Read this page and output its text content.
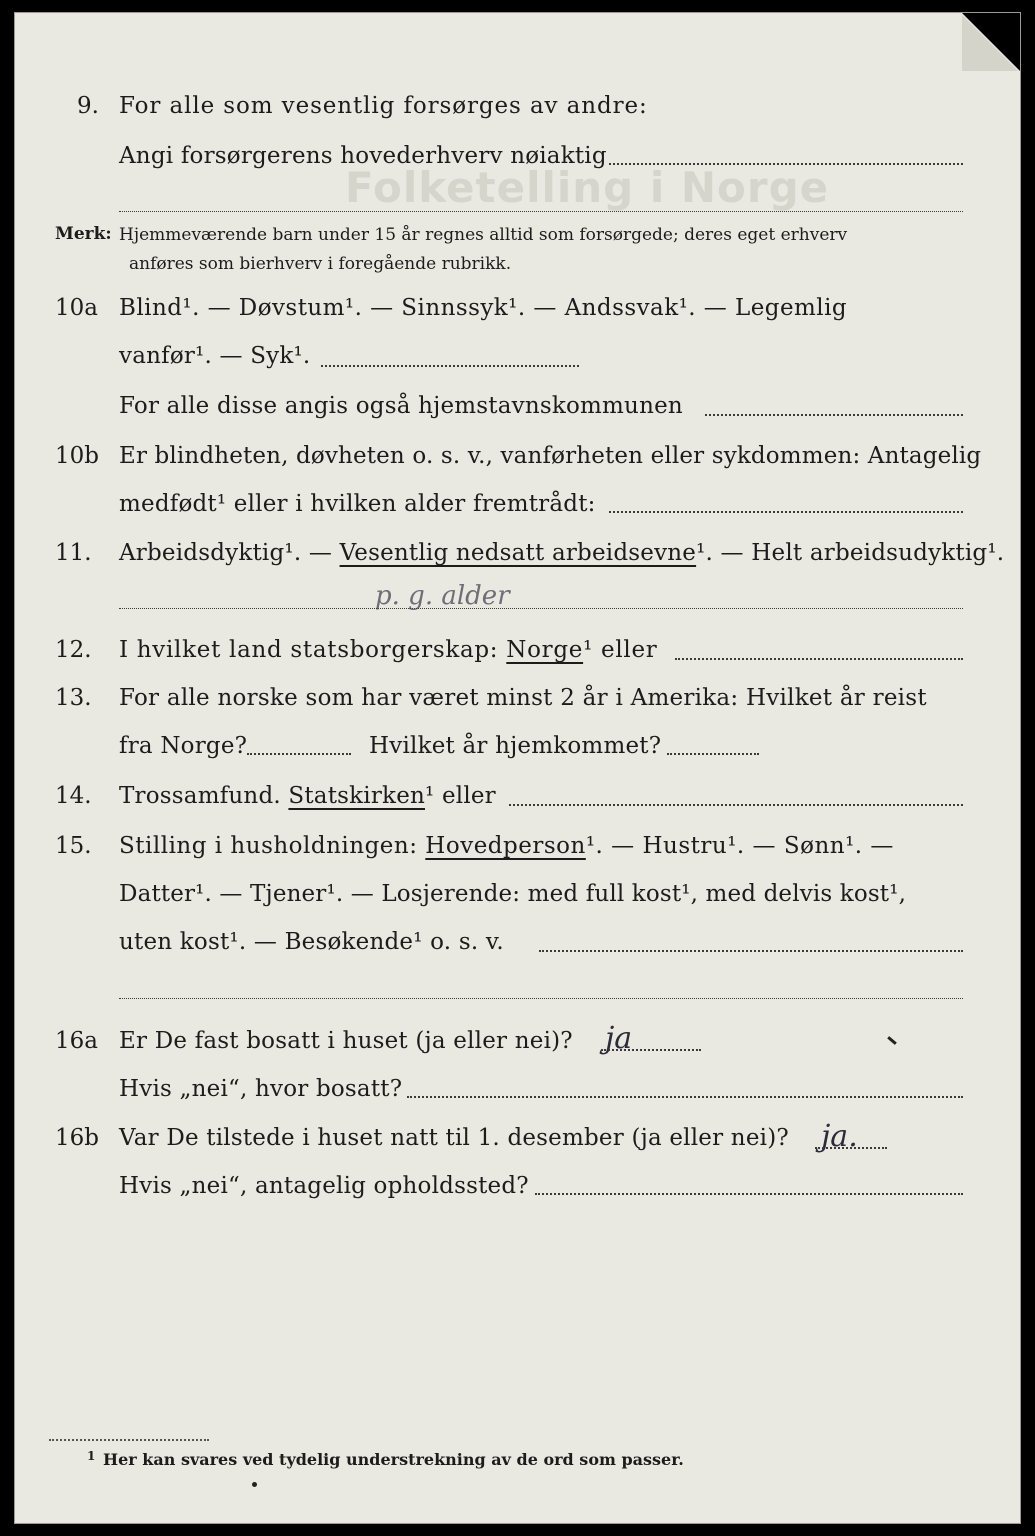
Folketelling i Norge
9. For alle som vesentlig forsørges av andre:
Angi forsørgerens hovederhverv nøiaktig
Merk: Hjemmeværende barn under 15 år regnes alltid som forsørgede; deres eget erhverv
anføres som bierhverv i foregående rubrikk.
10a Blind¹. — Døvstum¹. — Sinnssyk¹. — Andssvak¹. — Legemlig
vanfør¹. — Syk¹.
For alle disse angis også hjemstavnskommunen
10b Er blindheten, døvheten o. s. v., vanførheten eller sykdommen: Antagelig
medfødt¹ eller i hvilken alder fremtrådt:
11. Arbeidsdyktig¹. — Vesentlig nedsatt arbeidsevne¹. — Helt arbeidsudyktig¹.
p. g. alder
12. I hvilket land statsborgerskap: Norge¹ eller
13. For alle norske som har været minst 2 år i Amerika: Hvilket år reist
fra Norge?	Hvilket år hjemkommet?
14. Trossamfund. Statskirken¹ eller
15. Stilling i husholdningen: Hovedperson¹. — Hustru¹. — Sønn¹. —
Datter¹. — Tjener¹. — Losjerende: med full kost¹, med delvis kost¹,
uten kost¹. — Besøkende¹ o. s. v.
16a Er De fast bosatt i huset (ja eller nei)? ja
Hvis „nei“, hvor bosatt?
16b Var De tilstede i huset natt til 1. desember (ja eller nei)? ja.
Hvis „nei“, antagelig opholdssted?
1 Her kan svares ved tydelig understrekning av de ord som passer.
